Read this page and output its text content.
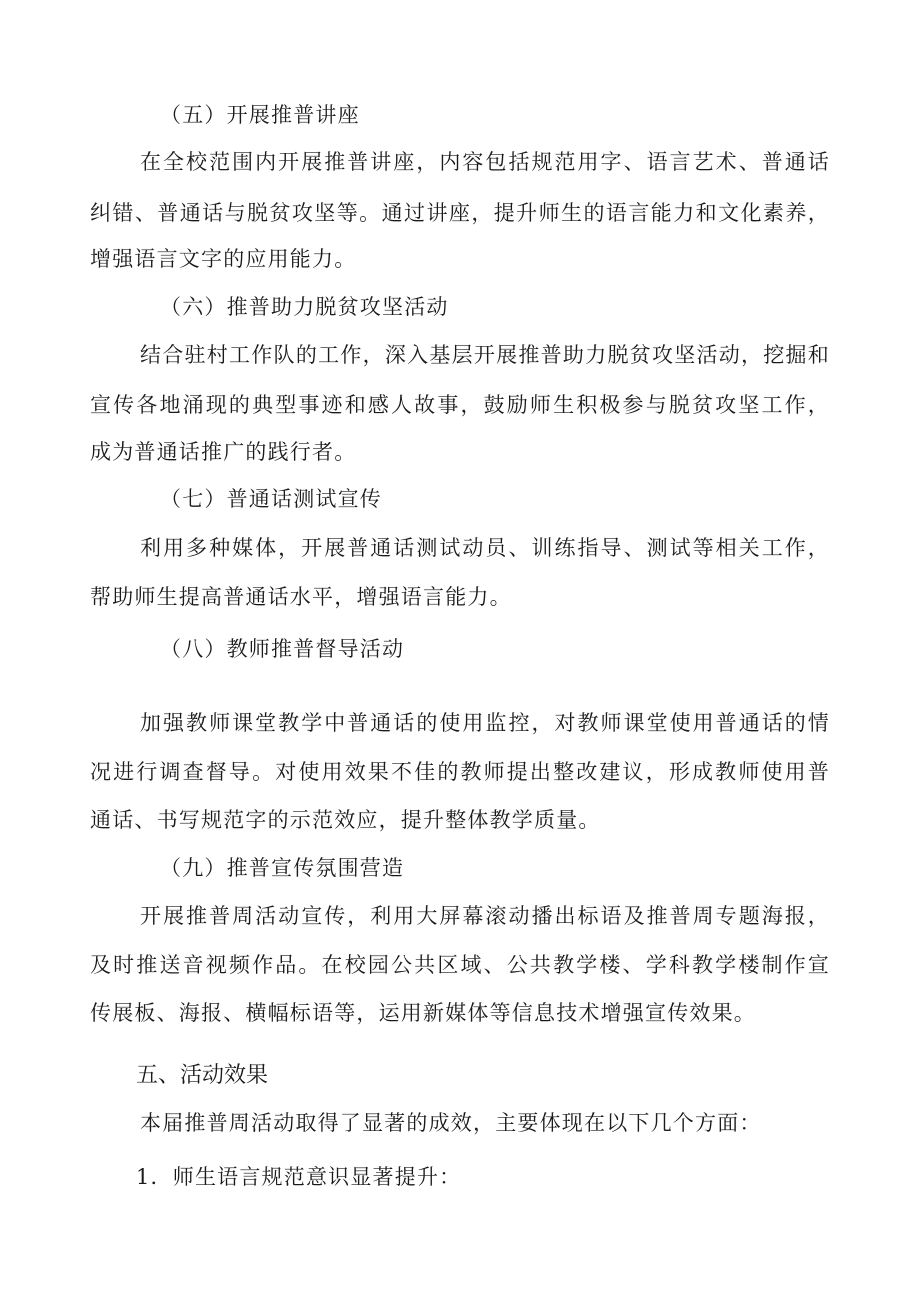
（五）开展推普讲座
在全校范围内开展推普讲座，内容包括规范用字、语言艺术、普通话
纠错、普通话与脱贫攻坚等。通过讲座，提升师生的语言能力和文化素养，
增强语言文字的应用能力。
（六）推普助力脱贫攻坚活动
结合驻村工作队的工作，深入基层开展推普助力脱贫攻坚活动，挖掘和
宣传各地涌现的典型事迹和感人故事，鼓励师生积极参与脱贫攻坚工作，
成为普通话推广的践行者。
（七）普通话测试宣传
利用多种媒体，开展普通话测试动员、训练指导、测试等相关工作，
帮助师生提高普通话水平，增强语言能力。
（八）教师推普督导活动
加强教师课堂教学中普通话的使用监控，对教师课堂使用普通话的情
况进行调查督导。对使用效果不佳的教师提出整改建议，形成教师使用普
通话、书写规范字的示范效应，提升整体教学质量。
（九）推普宣传氛围营造
开展推普周活动宣传，利用大屏幕滚动播出标语及推普周专题海报，
及时推送音视频作品。在校园公共区域、公共教学楼、学科教学楼制作宣
传展板、海报、横幅标语等，运用新媒体等信息技术增强宣传效果。
五、活动效果
本届推普周活动取得了显著的成效，主要体现在以下几个方面：
1．师生语言规范意识显著提升：
